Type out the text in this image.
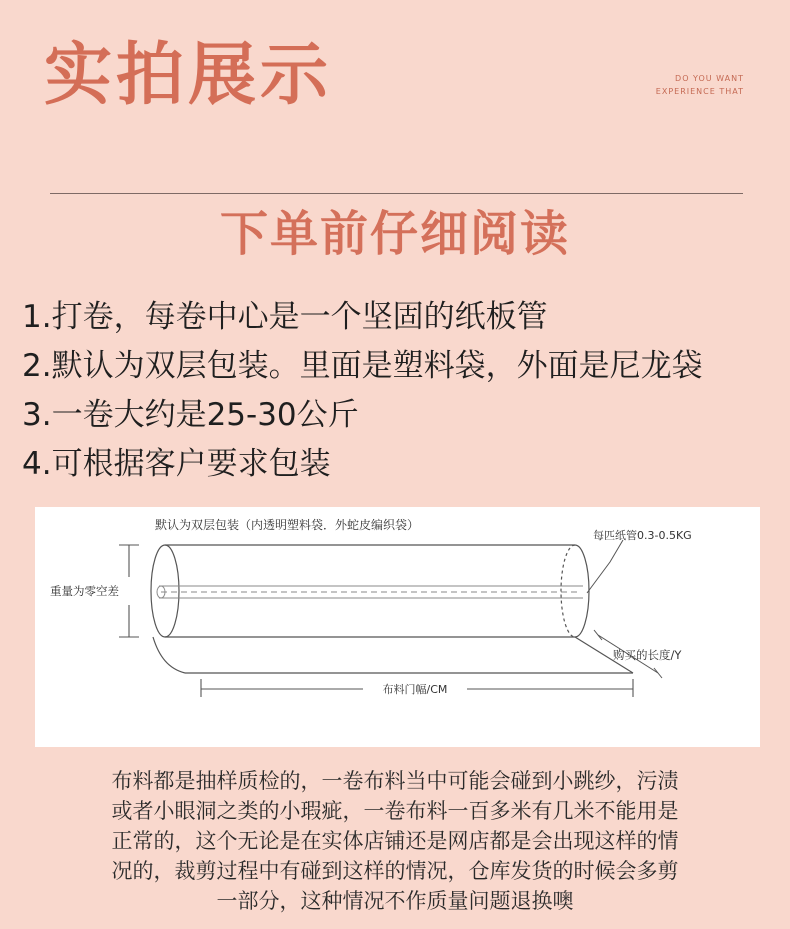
实拍展示	DO YOU WANT
EXPERIENCE THAT
下单前仔细阅读
1.打卷，每卷中心是一个坚固的纸板管
2.默认为双层包装。里面是塑料袋，外面是尼龙袋
3.一卷大约是25-30公斤
4.可根据客户要求包装
默认为双层包装（内透明塑料袋．外蛇皮编织袋）
每匹纸管0.3-0.5KG
重量为零空差
购买的长度/Y
布料门幅/CM
布料都是抽样质检的，一卷布料当中可能会碰到小跳纱，污渍
或者小眼洞之类的小瑕疵，一卷布料一百多米有几米不能用是
正常的，这个无论是在实体店铺还是网店都是会出现这样的情
况的，裁剪过程中有碰到这样的情况，仓库发货的时候会多剪
一部分，这种情况不作质量问题退换噢
